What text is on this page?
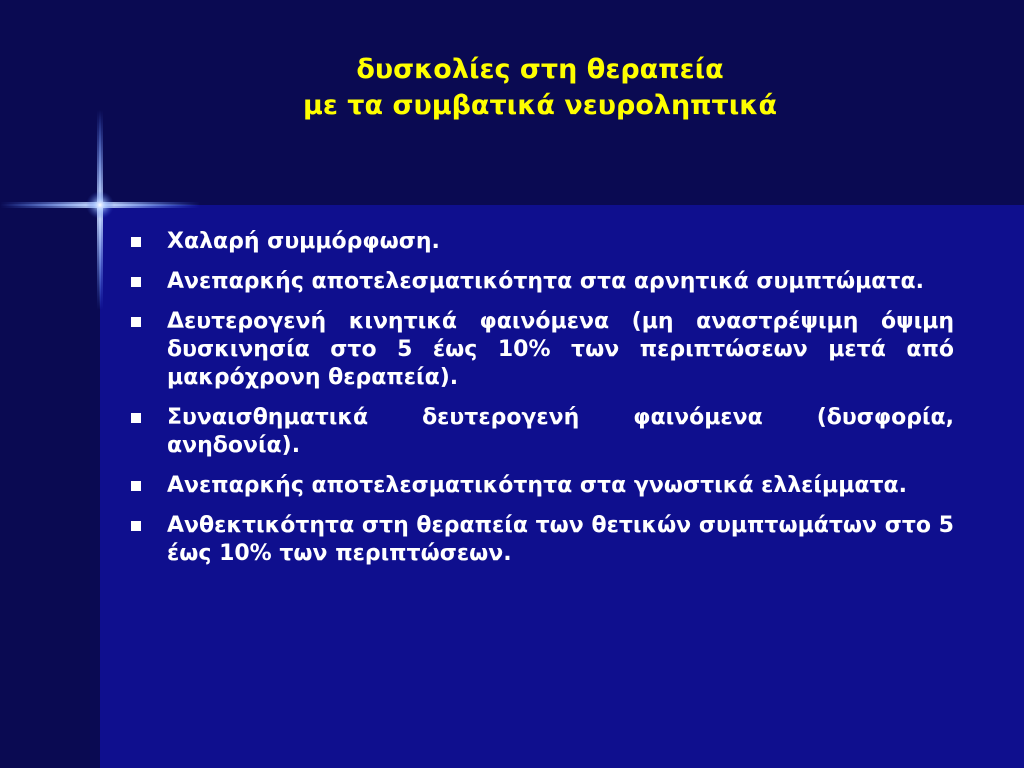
δυσκολίες στη θεραπεία
με τα συμβατικά νευροληπτικά
Χαλαρή συμμόρφωση.
Ανεπαρκής αποτελεσματικότητα στα αρνητικά συμπτώματα.
Δευτερογενή κινητικά φαινόμενα (μη αναστρέψιμη όψιμη δυσκινησία στο 5 έως 10% των περιπτώσεων μετά από μακρόχρονη θεραπεία).
Συναισθηματικά δευτερογενή φαινόμενα (δυσφορία, ανηδονία).
Ανεπαρκής αποτελεσματικότητα στα γνωστικά ελλείμματα.
Ανθεκτικότητα στη θεραπεία των θετικών συμπτωμάτων στο 5 έως 10% των περιπτώσεων.
